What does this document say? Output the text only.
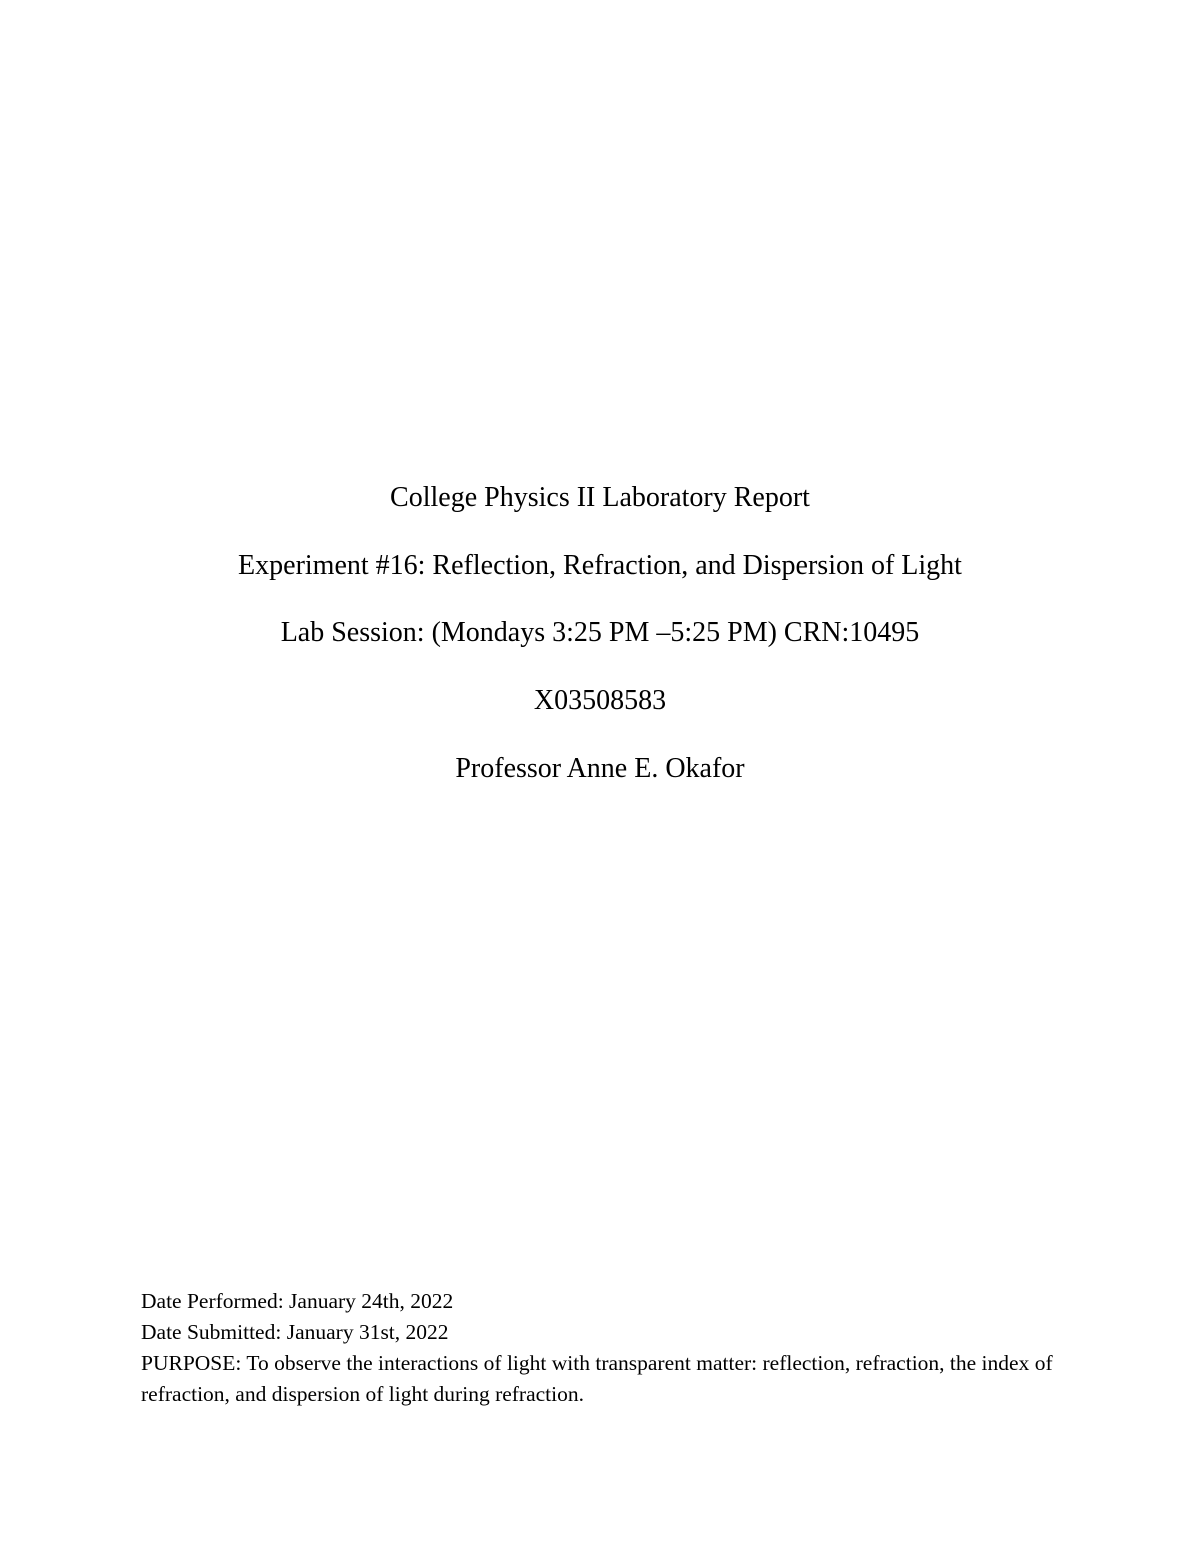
College Physics II Laboratory Report
Experiment #16: Reflection, Refraction, and Dispersion of Light
Lab Session: (Mondays 3:25 PM –5:25 PM) CRN:10495
X03508583
Professor Anne E. Okafor
Date Performed: January 24th, 2022
Date Submitted: January 31st, 2022
PURPOSE: To observe the interactions of light with transparent matter: reflection, refraction, the index of refraction, and dispersion of light during refraction.
